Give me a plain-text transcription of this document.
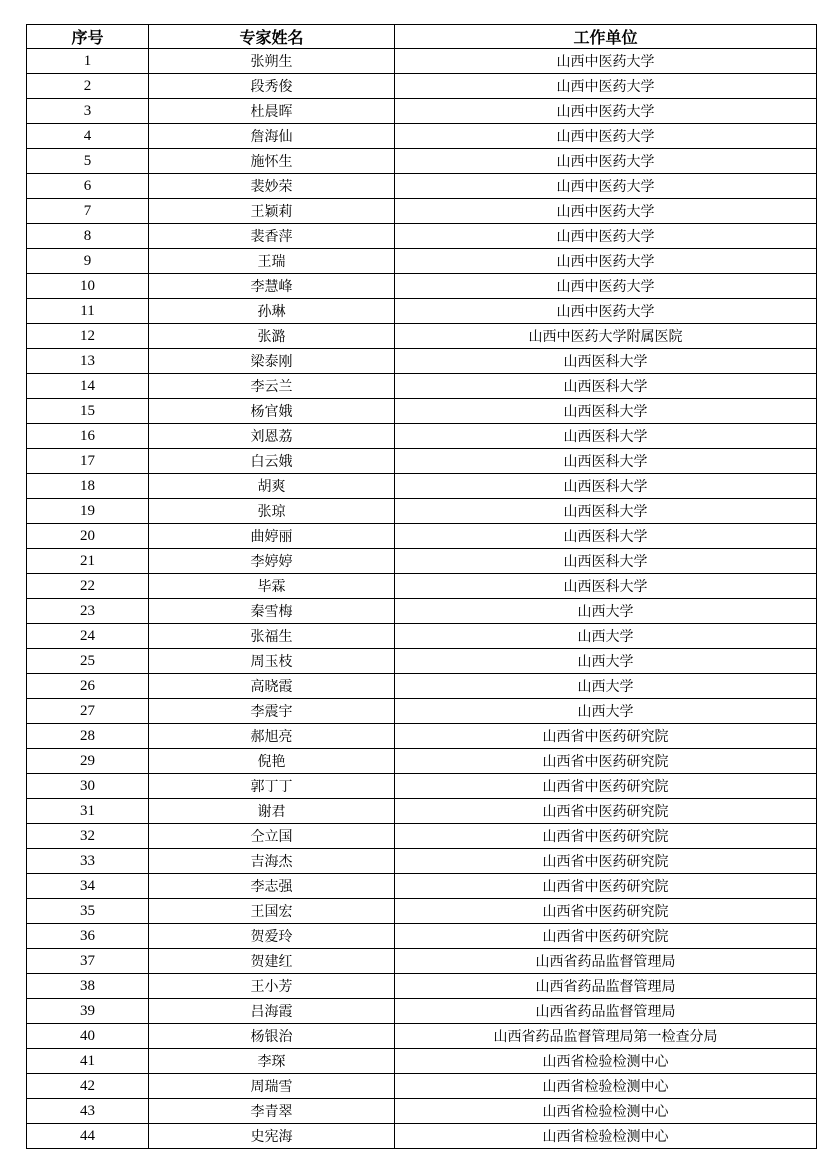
序号	专家姓名	工作单位
1	张朔生	山西中医药大学
2	段秀俊	山西中医药大学
3	杜晨晖	山西中医药大学
4	詹海仙	山西中医药大学
5	施怀生	山西中医药大学
6	裴妙荣	山西中医药大学
7	王颖莉	山西中医药大学
8	裴香萍	山西中医药大学
9	王瑞	山西中医药大学
10	李慧峰	山西中医药大学
11	孙琳	山西中医药大学
12	张潞	山西中医药大学附属医院
13	梁泰刚	山西医科大学
14	李云兰	山西医科大学
15	杨官娥	山西医科大学
16	刘恩荔	山西医科大学
17	白云娥	山西医科大学
18	胡爽	山西医科大学
19	张琼	山西医科大学
20	曲婷丽	山西医科大学
21	李婷婷	山西医科大学
22	毕霖	山西医科大学
23	秦雪梅	山西大学
24	张福生	山西大学
25	周玉枝	山西大学
26	高晓霞	山西大学
27	李震宇	山西大学
28	郝旭亮	山西省中医药研究院
29	倪艳	山西省中医药研究院
30	郭丁丁	山西省中医药研究院
31	谢君	山西省中医药研究院
32	仝立国	山西省中医药研究院
33	吉海杰	山西省中医药研究院
34	李志强	山西省中医药研究院
35	王国宏	山西省中医药研究院
36	贺爱玲	山西省中医药研究院
37	贺建红	山西省药品监督管理局
38	王小芳	山西省药品监督管理局
39	吕海霞	山西省药品监督管理局
40	杨银治	山西省药品监督管理局第一检查分局
41	李琛	山西省检验检测中心
42	周瑞雪	山西省检验检测中心
43	李青翠	山西省检验检测中心
44	史宪海	山西省检验检测中心
